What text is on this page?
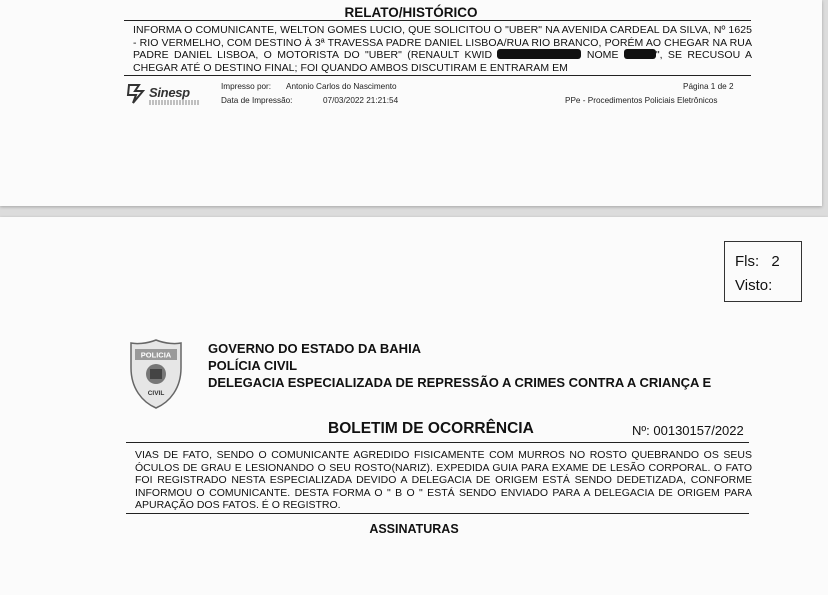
RELATO/HISTÓRICO
INFORMA O COMUNICANTE, WELTON GOMES LUCIO, QUE SOLICITOU O "UBER" NA AVENIDA CARDEAL DA SILVA, Nº 1625 - RIO VERMELHO, COM DESTINO À 3ª TRAVESSA PADRE DANIEL LISBOA/RUA RIO BRANCO, PORÉM AO CHEGAR NA RUA PADRE DANIEL LISBOA, O MOTORISTA DO "UBER" (RENAULT KWID	NOME	", SE RECUSOU A CHEGAR ATÉ O DESTINO FINAL; FOI QUANDO AMBOS DISCUTIRAM E ENTRARAM EM
Sinesp	Impresso por: Antonio Carlos do Nascimento
Data de Impressão:	07/03/2022 21:21:54
Página 1 de 2
PPe - Procedimentos Policiais Eletrônicos
Fls: 2
Visto:
POLICIA
CIVIL
GOVERNO DO ESTADO DA BAHIA
POLÍCIA CIVIL
DELEGACIA ESPECIALIZADA DE REPRESSÃO A CRIMES CONTRA A CRIANÇA E
BOLETIM DE OCORRÊNCIA	Nº: 00130157/2022
VIAS DE FATO, SENDO O COMUNICANTE AGREDIDO FISICAMENTE COM MURROS NO ROSTO QUEBRANDO OS SEUS ÓCULOS DE GRAU E LESIONANDO O SEU ROSTO(NARIZ). EXPEDIDA GUIA PARA EXAME DE LESÃO CORPORAL. O FATO FOI REGISTRADO NESTA ESPECIALIZADA DEVIDO A DELEGACIA DE ORIGEM ESTÁ SENDO DEDETIZADA, CONFORME INFORMOU O COMUNICANTE. DESTA FORMA O " B O " ESTÁ SENDO ENVIADO PARA A DELEGACIA DE ORIGEM PARA APURAÇÃO DOS FATOS. É O REGISTRO.
ASSINATURAS
